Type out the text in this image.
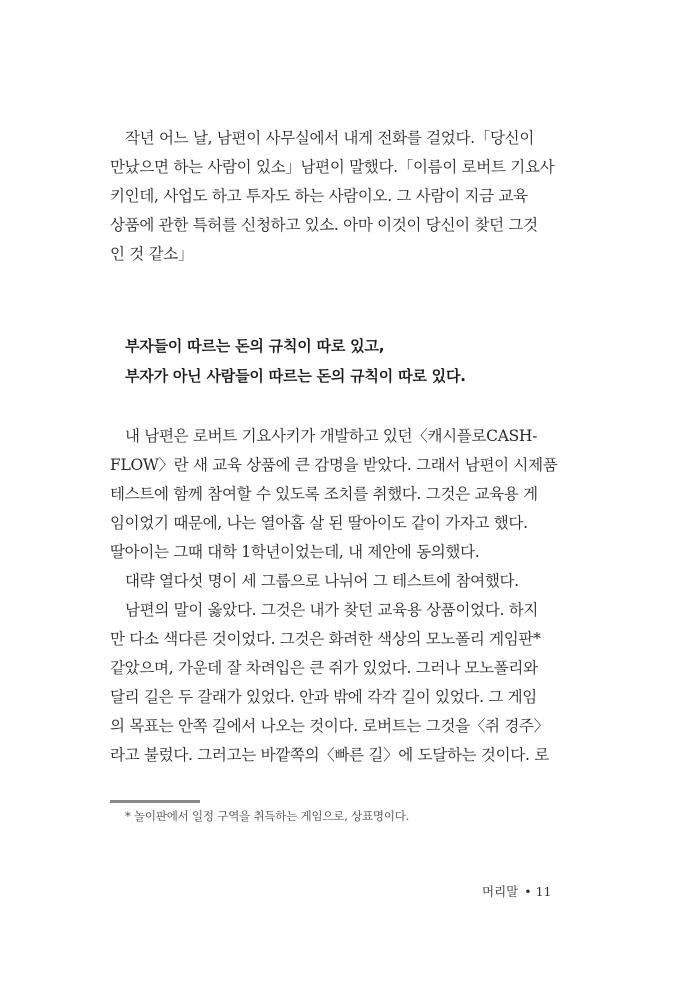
작년 어느 날, 남편이 사무실에서 내게 전화를 걸었다.「당신이
만났으면 하는 사람이 있소」남편이 말했다.「이름이 로버트 기요사
키인데, 사업도 하고 투자도 하는 사람이오. 그 사람이 지금 교육
상품에 관한 특허를 신청하고 있소. 아마 이것이 당신이 찾던 그것
인 것 같소」
부자들이 따르는 돈의 규칙이 따로 있고,
부자가 아닌 사람들이 따르는 돈의 규칙이 따로 있다.
내 남편은 로버트 기요사키가 개발하고 있던〈캐시플로CASH-
FLOW〉란 새 교육 상품에 큰 감명을 받았다. 그래서 남편이 시제품
테스트에 함께 참여할 수 있도록 조치를 취했다. 그것은 교육용 게
임이었기 때문에, 나는 열아홉 살 된 딸아이도 같이 가자고 했다.
딸아이는 그때 대학 1학년이었는데, 내 제안에 동의했다.
대략 열다섯 명이 세 그룹으로 나뉘어 그 테스트에 참여했다.
남편의 말이 옳았다. 그것은 내가 찾던 교육용 상품이었다. 하지
만 다소 색다른 것이었다. 그것은 화려한 색상의 모노폴리 게임판*
같았으며, 가운데 잘 차려입은 큰 쥐가 있었다. 그러나 모노폴리와
달리 길은 두 갈래가 있었다. 안과 밖에 각각 길이 있었다. 그 게임
의 목표는 안쪽 길에서 나오는 것이다. 로버트는 그것을〈쥐 경주〉
라고 불렀다. 그러고는 바깥쪽의〈빠른 길〉에 도달하는 것이다. 로
* 놀이판에서 일정 구역을 취득하는 게임으로, 상표명이다.
머리말 • 11
